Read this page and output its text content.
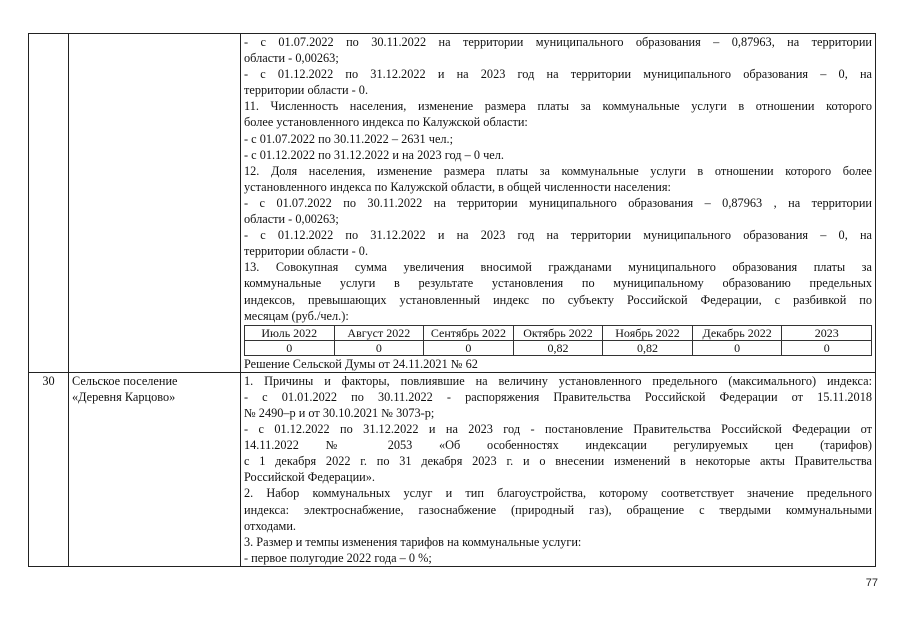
- с 01.07.2022 по 30.11.2022 на территории муниципального образования – 0,87963, на территории

области - 0,00263;

- с 01.12.2022 по 31.12.2022 и на 2023 год на территории муниципального образования – 0, на

территории области - 0.

11. Численность населения, изменение размера платы за коммунальные услуги в отношении которого

более установленного индекса по Калужской области:

- с 01.07.2022 по 30.11.2022 – 2631 чел.;

- с 01.12.2022 по 31.12.2022 и на 2023 год – 0 чел.

12. Доля населения, изменение размера платы за коммунальные услуги в отношении которого более

установленного индекса по Калужской области, в общей численности населения:

- с 01.07.2022 по 30.11.2022 на территории муниципального образования – 0,87963 , на территории

области - 0,00263;

- с 01.12.2022 по 31.12.2022 и на 2023 год на территории муниципального образования – 0, на

территории области - 0.

13. Совокупная сумма увеличения вносимой гражданами муниципального образования платы за

коммунальные услуги в результате установления по муниципальному образованию предельных

индексов, превышающих установленный индекс по субъекту Российской Федерации, с разбивкой по

месяцам (руб./чел.):

Июль 2022	Август 2022	Сентябрь 2022	Октябрь 2022	Ноябрь 2022	Декабрь 2022	2023
0	0	0	0,82	0,82	0	0

Решение Сельской Думы от 24.11.2021 № 62

30	Сельское поселение
«Деревня Карцово»

1. Причины и факторы, повлиявшие на величину установленного предельного (максимального) индекса:

- с 01.01.2022 по 30.11.2022 - распоряжения Правительства Российской Федерации от 15.11.2018

№ 2490–р и от 30.10.2021 № 3073-р;

- с 01.12.2022 по 31.12.2022 и на 2023 год - постановление Правительства Российской Федерации от

14.11.2022 № 2053 «Об особенностях индексации регулируемых цен (тарифов)

с 1 декабря 2022 г. по 31 декабря 2023 г. и о внесении изменений в некоторые акты Правительства

Российской Федерации».

2. Набор коммунальных услуг и тип благоустройства, которому соответствует значение предельного

индекса: электроснабжение, газоснабжение (природный газ), обращение с твердыми коммунальными

отходами.

3. Размер и темпы изменения тарифов на коммунальные услуги:

- первое полугодие 2022 года – 0 %;

77
